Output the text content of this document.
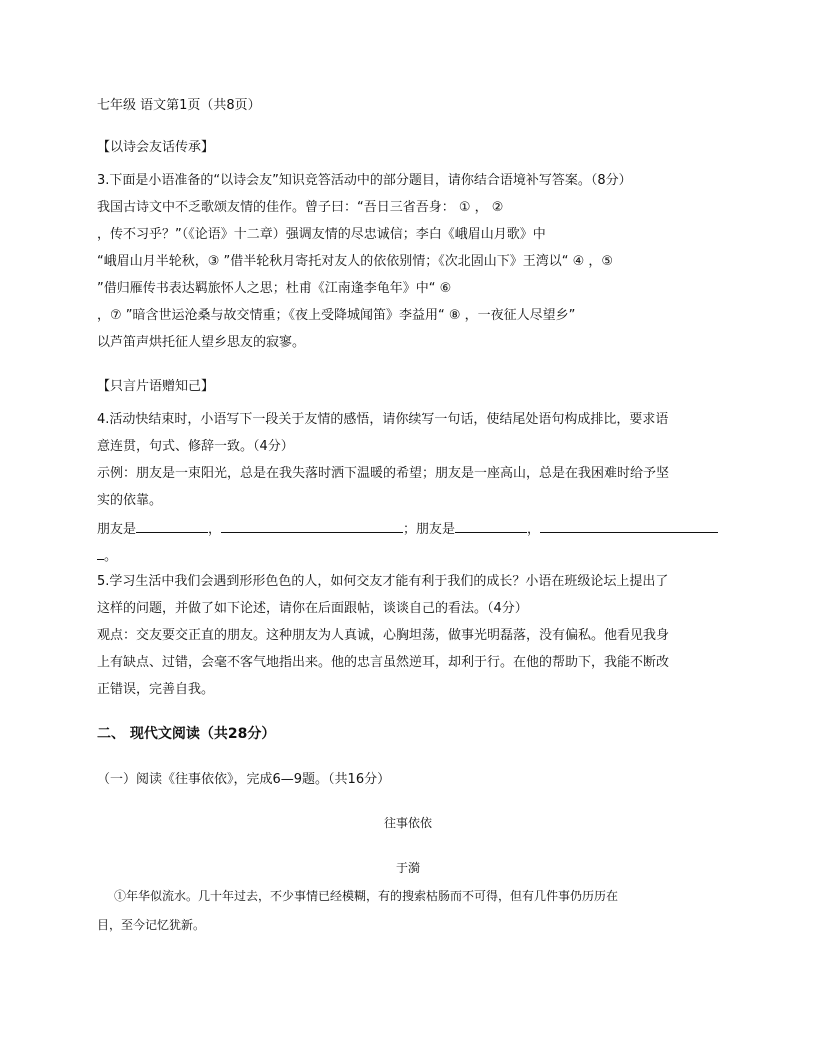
七年级 语文第1页（共8页）
【以诗会友话传承】
3.下面是小语准备的“以诗会友”知识竞答活动中的部分题目，请你结合语境补写答案。（8分）
我国古诗文中不乏歌颂友情的佳作。曾子曰：“吾日三省吾身： ① ， ②
，传不习乎？”（《论语》十二章）强调友情的尽忠诚信；李白《峨眉山月歌》中
“峨眉山月半轮秋，③ ”借半轮秋月寄托对友人的依依别情；《次北固山下》王湾以“ ④ ，⑤
”借归雁传书表达羁旅怀人之思；杜甫《江南逢李龟年》中“ ⑥
，⑦ ”暗含世运沧桑与故交情重；《夜上受降城闻笛》李益用“ ⑧ ，一夜征人尽望乡”
以芦笛声烘托征人望乡思友的寂寥。
【只言片语赠知己】
4.活动快结束时，小语写下一段关于友情的感悟，请你续写一句话，使结尾处语句构成排比，要求语
意连贯，句式、修辞一致。（4分）
示例：朋友是一束阳光，总是在我失落时洒下温暖的希望；朋友是一座高山，总是在我困难时给予坚
实的依靠。
朋友是	，	；朋友是	，
。
5.学习生活中我们会遇到形形色色的人，如何交友才能有利于我们的成长？小语在班级论坛上提出了
这样的问题，并做了如下论述，请你在后面跟帖，谈谈自己的看法。（4分）
观点：交友要交正直的朋友。这种朋友为人真诚，心胸坦荡，做事光明磊落，没有偏私。他看见我身
上有缺点、过错，会毫不客气地指出来。他的忠言虽然逆耳，却利于行。在他的帮助下，我能不断改
正错误，完善自我。
二、 现代文阅读（共28分）
（一）阅读《往事依依》，完成6—9题。（共16分）
往事依依
于漪
①年华似流水。几十年过去，不少事情已经模糊，有的搜索枯肠而不可得，但有几件事仍历历在
目，至今记忆犹新。
